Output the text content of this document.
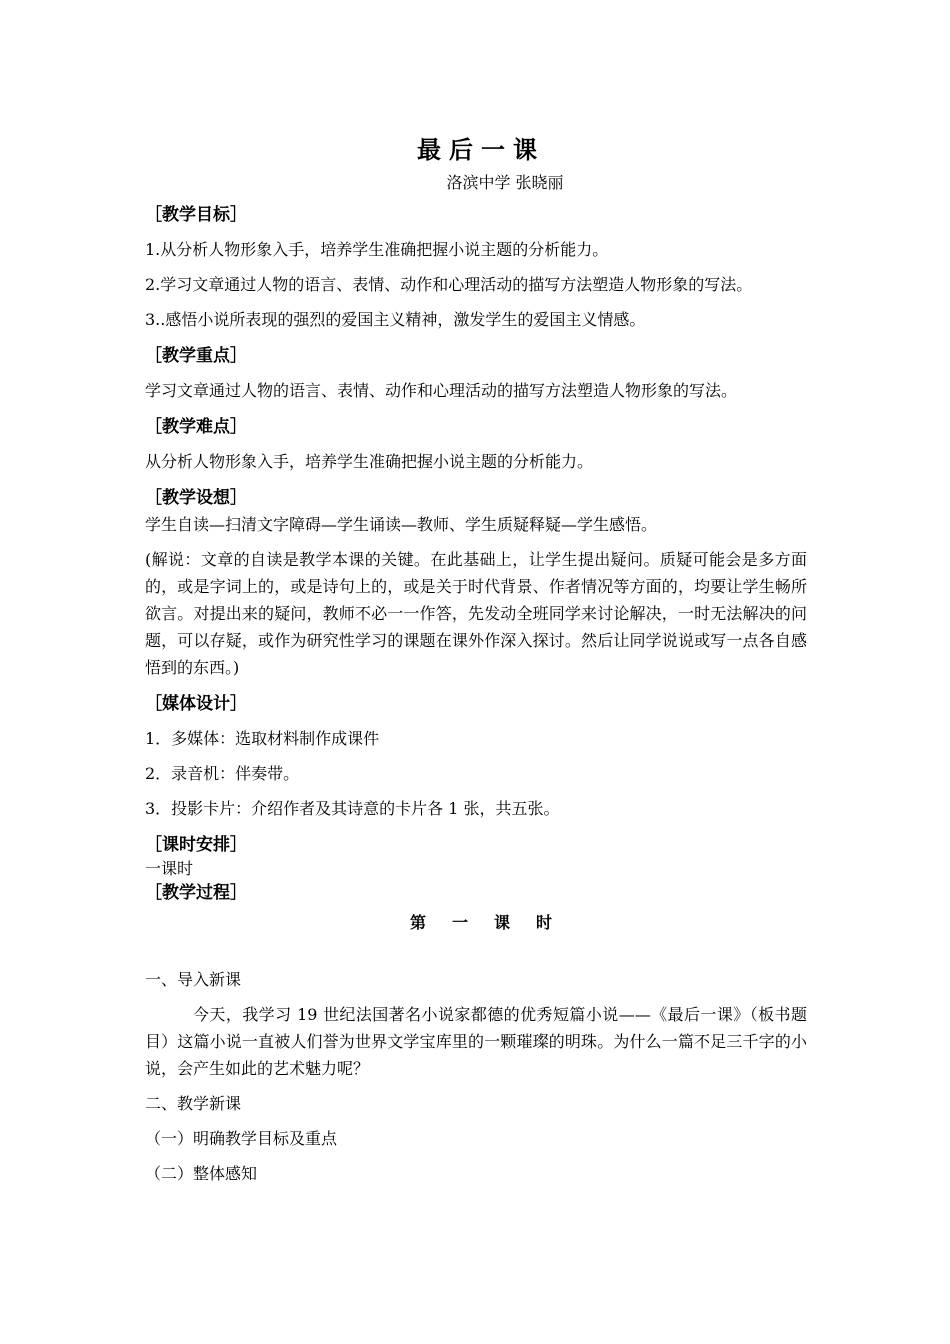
最后一课
洛滨中学 张晓丽
［教学目标］

1.从分析人物形象入手，培养学生准确把握小说主题的分析能力。

2.学习文章通过人物的语言、表情、动作和心理活动的描写方法塑造人物形象的写法。

3..感悟小说所表现的强烈的爱国主义精神，激发学生的爱国主义情感。

［教学重点］

学习文章通过人物的语言、表情、动作和心理活动的描写方法塑造人物形象的写法。

［教学难点］

从分析人物形象入手，培养学生准确把握小说主题的分析能力。

［教学设想］

学生自读—扫清文字障碍—学生诵读—教师、学生质疑释疑—学生感悟。

(解说：文章的自读是教学本课的关键。在此基础上，让学生提出疑问。质疑可能会是多方面的，或是字词上的，或是诗句上的，或是关于时代背景、作者情况等方面的，均要让学生畅所欲言。对提出来的疑问，教师不必一一作答，先发动全班同学来讨论解决，一时无法解决的问题，可以存疑，或作为研究性学习的课题在课外作深入探讨。然后让同学说说或写一点各自感悟到的东西。)

［媒体设计］

1．多媒体：选取材料制作成课件

2．录音机：伴奏带。

3．投影卡片：介绍作者及其诗意的卡片各 1 张，共五张。

［课时安排］

一课时

［教学过程］
第一课时

一、导入新课

今天，我学习 19 世纪法国著名小说家都德的优秀短篇小说——《最后一课》（板书题目）这篇小说一直被人们誉为世界文学宝库里的一颗璀璨的明珠。为什么一篇不足三千字的小说，会产生如此的艺术魅力呢？

二、教学新课

（一）明确教学目标及重点

（二）整体感知
